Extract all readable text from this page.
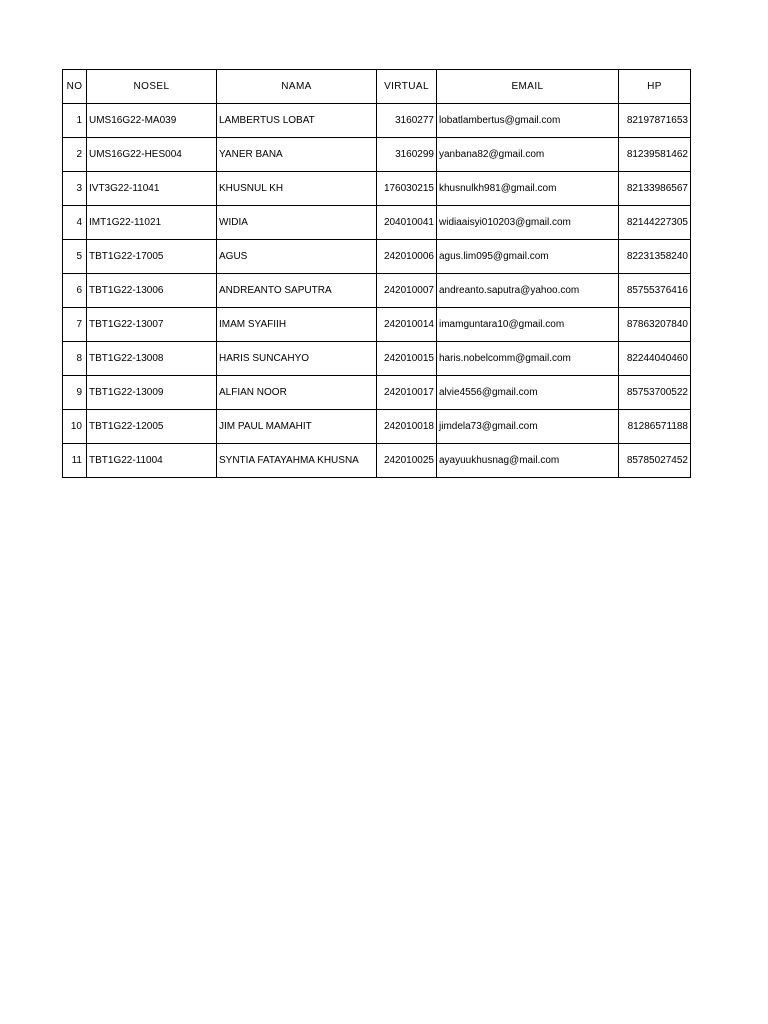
NO	NOSEL	NAMA	VIRTUAL	EMAIL	HP
1	UMS16G22-MA039	LAMBERTUS LOBAT	3160277	lobatlambertus@gmail.com	82197871653
2	UMS16G22-HES004	YANER BANA	3160299	yanbana82@gmail.com	81239581462
3	IVT3G22-11041	KHUSNUL KH	176030215	khusnulkh981@gmail.com	82133986567
4	IMT1G22-11021	WIDIA	204010041	widiaaisyi010203@gmail.com	82144227305
5	TBT1G22-17005	AGUS	242010006	agus.lim095@gmail.com	82231358240
6	TBT1G22-13006	ANDREANTO SAPUTRA	242010007	andreanto.saputra@yahoo.com	85755376416
7	TBT1G22-13007	IMAM SYAFIIH	242010014	imamguntara10@gmail.com	87863207840
8	TBT1G22-13008	HARIS SUNCAHYO	242010015	haris.nobelcomm@gmail.com	82244040460
9	TBT1G22-13009	ALFIAN NOOR	242010017	alvie4556@gmail.com	85753700522
10	TBT1G22-12005	JIM PAUL MAMAHIT	242010018	jimdela73@gmail.com	81286571188
11	TBT1G22-11004	SYNTIA FATAYAHMA KHUSNA	242010025	ayayuukhusnag@mail.com	85785027452
